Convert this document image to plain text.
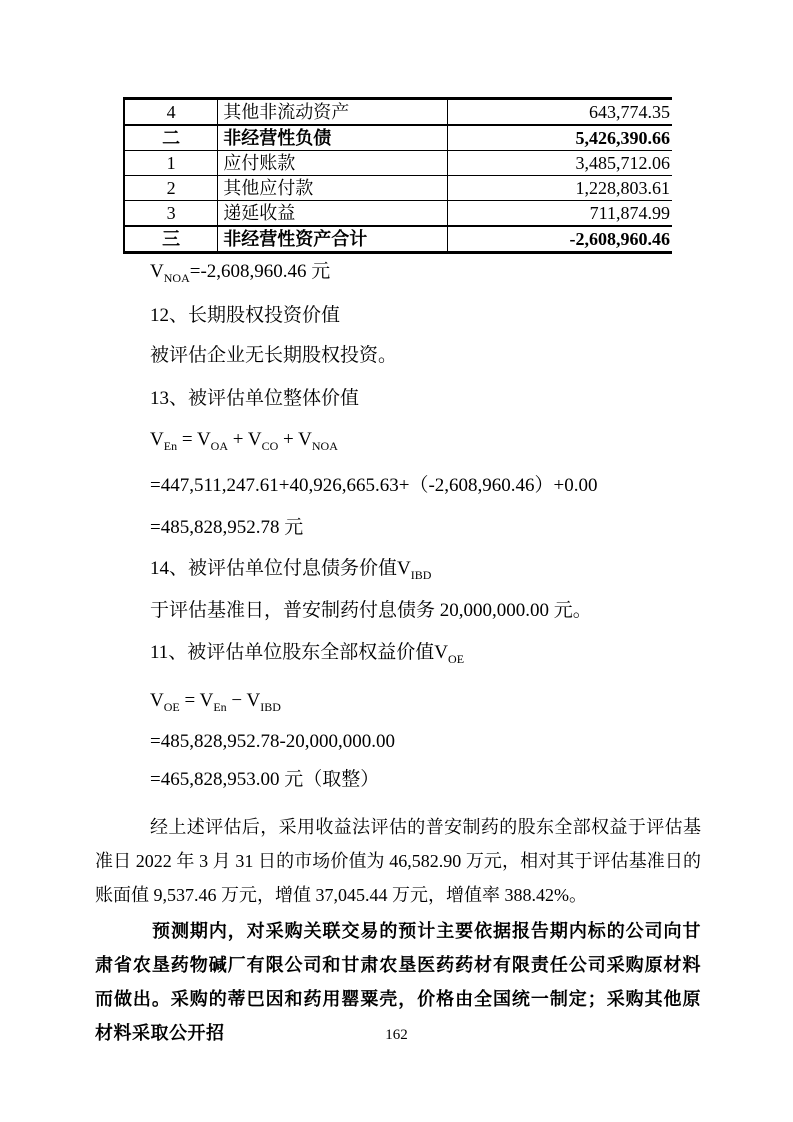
4	其他非流动资产	643,774.35
二	非经营性负债	5,426,390.66
1	应付账款	3,485,712.06
2	其他应付款	1,228,803.61
3	递延收益	711,874.99
三	非经营性资产合计	-2,608,960.46
$V_{NOA}=-2,608,960.46$ 元
12、长期股权投资价值
被评估企业无长期股权投资。
13、被评估单位整体价值
$V_{En} = V_{OA} + V_{CO} + V_{NOA}$
=447,511,247.61+40,926,665.63+（-2,608,960.46）+0.00
=485,828,952.78 元
14、被评估单位付息债务价值$V_{IBD}$
于评估基准日，普安制药付息债务 20,000,000.00 元。
11、被评估单位股东全部权益价值$V_{OE}$
$V_{OE} = V_{En} - V_{IBD}$
=485,828,952.78-20,000,000.00
=465,828,953.00 元（取整）
经上述评估后，采用收益法评估的普安制药的股东全部权益于评估基准日 2022 年 3 月 31 日的市场价值为 46,582.90 万元，相对其于评估基准日的账面值 9,537.46 万元，增值 37,045.44 万元，增值率 388.42%。
预测期内，对采购关联交易的预计主要依据报告期内标的公司向甘肃省农垦药物碱厂有限公司和甘肃农垦医药药材有限责任公司采购原材料而做出。采购的蒂巴因和药用罂粟壳，价格由全国统一制定；采购其他原材料采取公开招	162
